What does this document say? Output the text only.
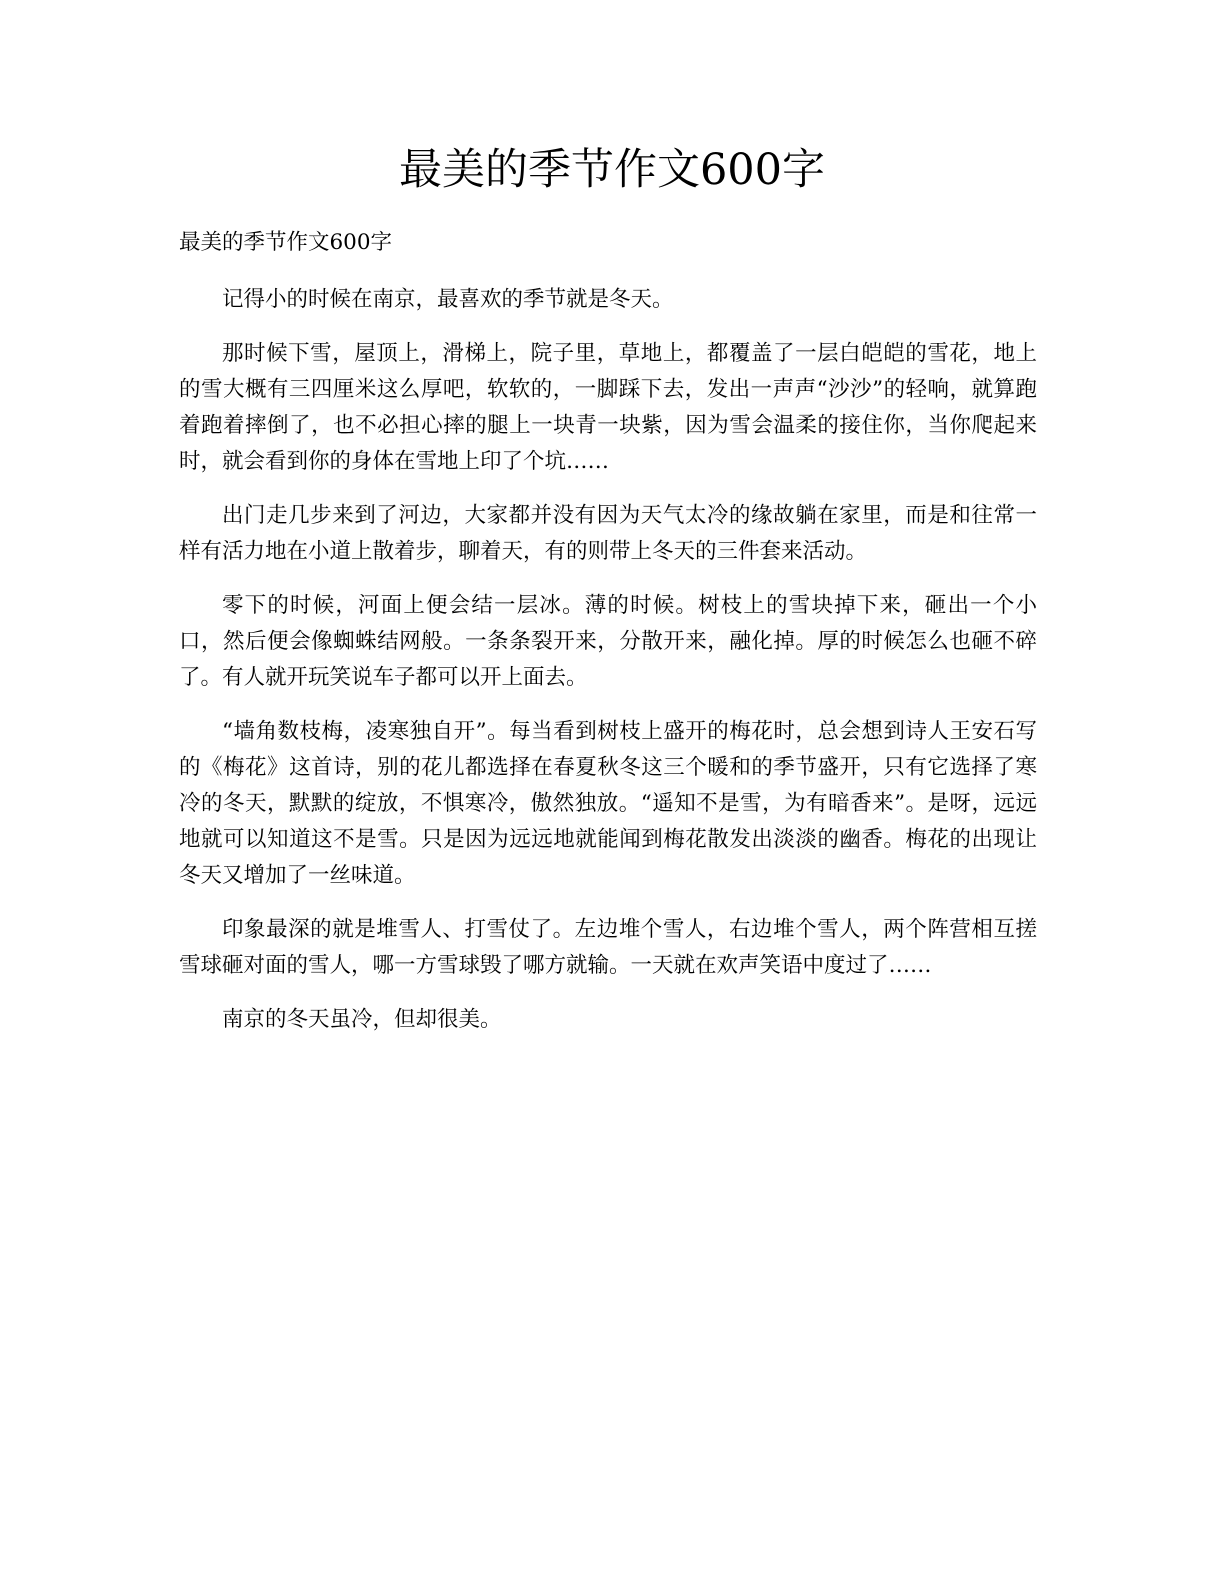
最美的季节作文600字

最美的季节作文600字

记得小的时候在南京，最喜欢的季节就是冬天。

那时候下雪，屋顶上，滑梯上，院子里，草地上，都覆盖了一层白皑皑的雪花，地上的雪大概有三四厘米这么厚吧，软软的，一脚踩下去，发出一声声“沙沙”的轻响，就算跑着跑着摔倒了，也不必担心摔的腿上一块青一块紫，因为雪会温柔的接住你，当你爬起来时，就会看到你的身体在雪地上印了个坑……

出门走几步来到了河边，大家都并没有因为天气太冷的缘故躺在家里，而是和往常一样有活力地在小道上散着步，聊着天，有的则带上冬天的三件套来活动。

零下的时候，河面上便会结一层冰。薄的时候。树枝上的雪块掉下来，砸出一个小口，然后便会像蜘蛛结网般。一条条裂开来，分散开来，融化掉。厚的时候怎么也砸不碎了。有人就开玩笑说车子都可以开上面去。

“墙角数枝梅，凌寒独自开”。每当看到树枝上盛开的梅花时，总会想到诗人王安石写的《梅花》这首诗，别的花儿都选择在春夏秋冬这三个暖和的季节盛开，只有它选择了寒冷的冬天，默默的绽放，不惧寒冷，傲然独放。“遥知不是雪，为有暗香来”。是呀，远远地就可以知道这不是雪。只是因为远远地就能闻到梅花散发出淡淡的幽香。梅花的出现让冬天又增加了一丝味道。

印象最深的就是堆雪人、打雪仗了。左边堆个雪人，右边堆个雪人，两个阵营相互搓雪球砸对面的雪人，哪一方雪球毁了哪方就输。一天就在欢声笑语中度过了……

南京的冬天虽冷，但却很美。
